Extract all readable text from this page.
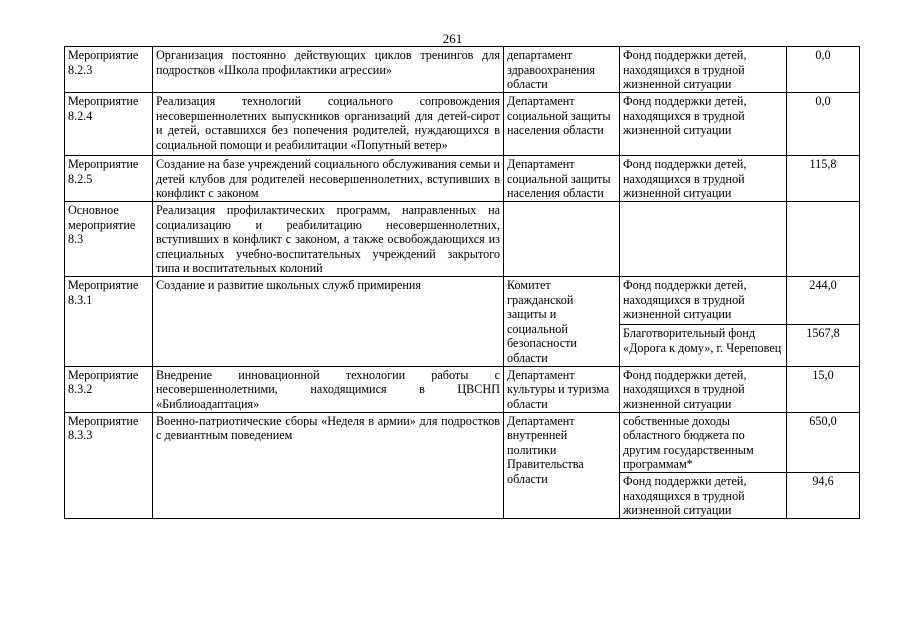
261
Мероприятие 8.2.3	Организация постоянно действующих циклов тренингов для подростков «Школа профилактики агрессии»	департамент здравоохранения области	Фонд поддержки детей, находящихся в трудной жизненной ситуации	0,0
Мероприятие 8.2.4	Реализация технологий социального сопровождения несовершеннолетних выпускников организаций для детей-сирот и детей, оставшихся без попечения родителей, нуждающихся в социальной помощи и реабилитации «Попутный ветер»	Департамент социальной защиты населения области	Фонд поддержки детей, находящихся в трудной жизненной ситуации	0,0
Мероприятие 8.2.5	Создание на базе учреждений социального обслуживания семьи и детей клубов для родителей несовершеннолетних, вступивших в конфликт с законом	Департамент социальной защиты населения области	Фонд поддержки детей, находящихся в трудной жизненной ситуации	115,8
Основное мероприятие 8.3	Реализация профилактических программ, направленных на социализацию и реабилитацию несовершеннолетних, вступивших в конфликт с законом, а также освобождающихся из специальных учебно-воспитательных учреждений закрытого типа и воспитательных колоний			
Мероприятие 8.3.1	Создание и развитие школьных служб примирения	Комитет гражданской защиты и социальной безопасности области	Фонд поддержки детей, находящихся в трудной жизненной ситуации	244,0
			Благотворительный фонд «Дорога к дому», г. Череповец	1567,8
Мероприятие 8.3.2	Внедрение инновационной технологии работы с несовершеннолетними, находящимися в ЦВСНП «Библиоадаптация»	Департамент культуры и туризма области	Фонд поддержки детей, находящихся в трудной жизненной ситуации	15,0
Мероприятие 8.3.3	Военно-патриотические сборы «Неделя в армии» для подростков с девиантным поведением	Департамент внутренней политики Правительства области	собственные доходы областного бюджета по другим государственным программам*	650,0
			Фонд поддержки детей, находящихся в трудной жизненной ситуации	94,6
